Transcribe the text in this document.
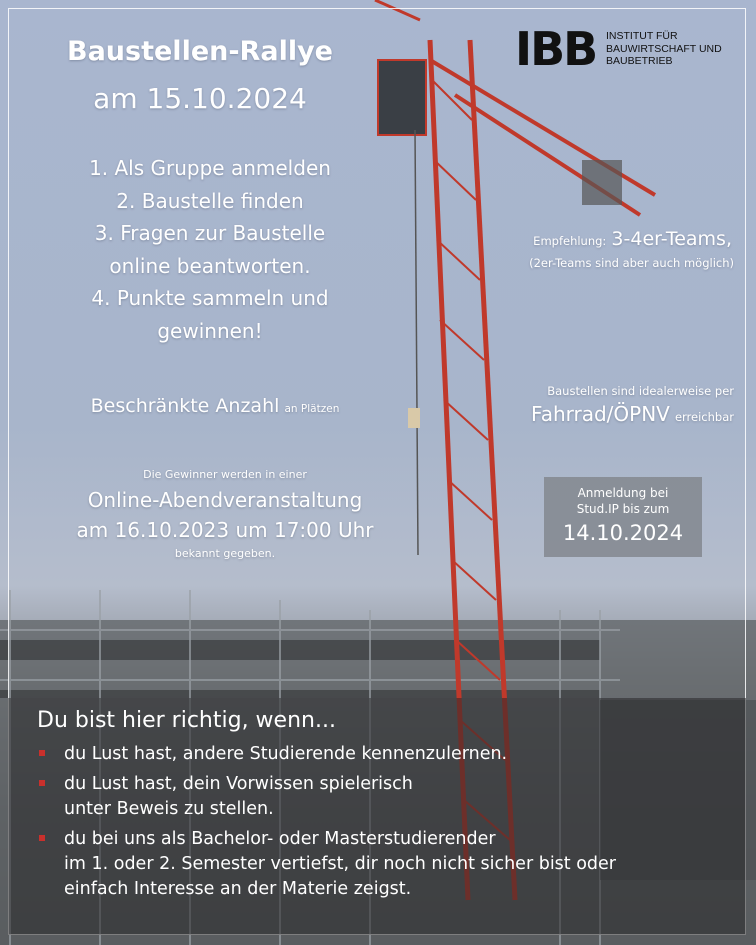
Baustellen-Rallye
am 15.10.2024
1. Als Gruppe anmelden
2. Baustelle finden
3. Fragen zur Baustelle
online beantworten.
4. Punkte sammeln und
gewinnen!
IBB INSTITUT FÜR
BAUWIRTSCHAFT UND
BAUBETRIEB
Empfehlung: 3-4er-Teams,
(2er-Teams sind aber auch möglich)
Beschränkte Anzahl an Plätzen
Baustellen sind idealerweise per
Fahrrad/ÖPNV erreichbar
Die Gewinner werden in einer
Online-Abendveranstaltung
am 16.10.2023 um 17:00 Uhr
bekannt gegeben.
Anmeldung bei
Stud.IP bis zum
14.10.2024
Du bist hier richtig, wenn...
du Lust hast, andere Studierende kennenzulernen.
du Lust hast, dein Vorwissen spielerisch
unter Beweis zu stellen.
du bei uns als Bachelor- oder Masterstudierender
im 1. oder 2. Semester vertiefst, dir noch nicht sicher bist oder
einfach Interesse an der Materie zeigst.
